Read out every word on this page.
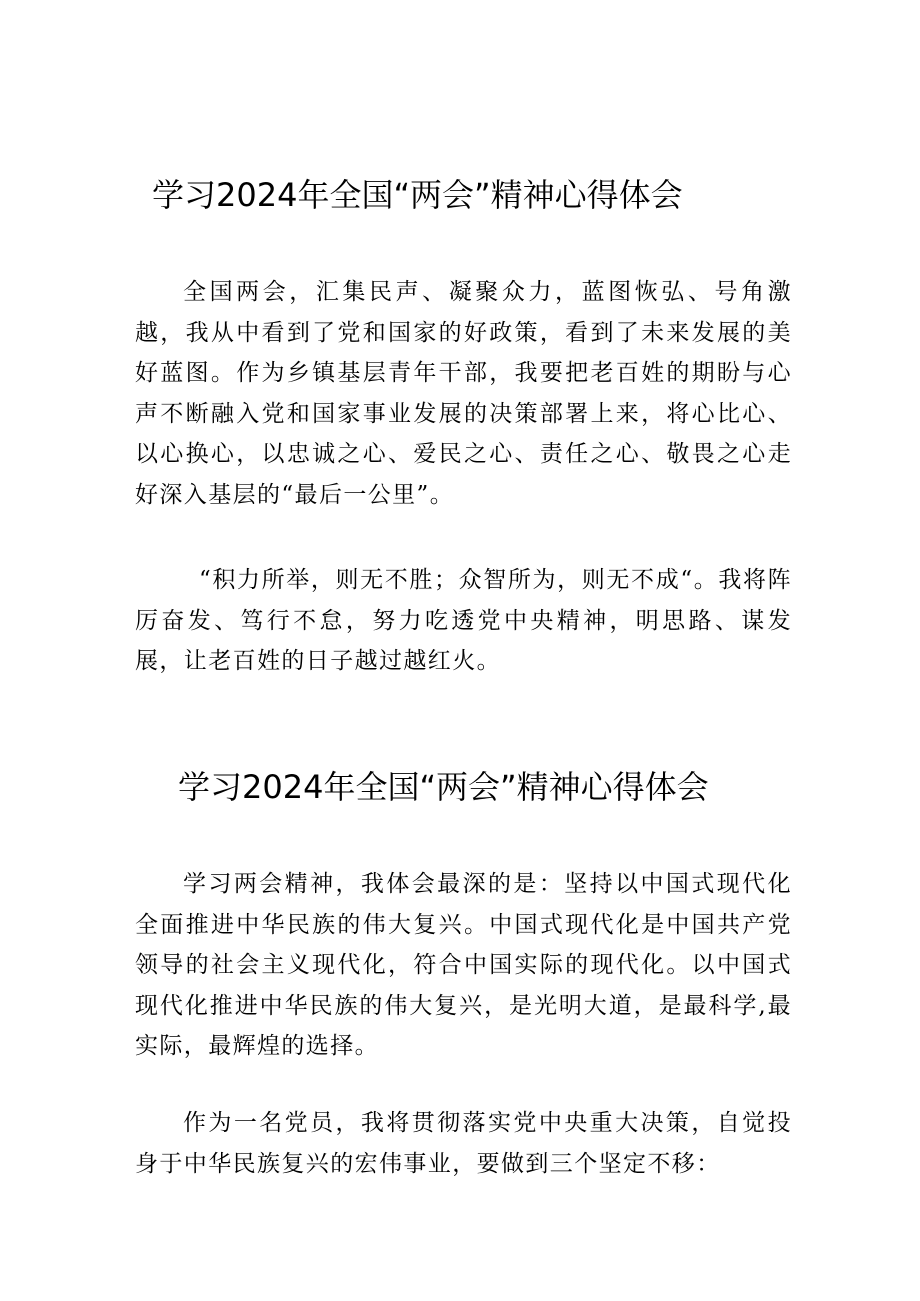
学习2024年全国“两会”精神心得体会

全国两会，汇集民声、凝聚众力，蓝图恢弘、号角激越，我从中看到了党和国家的好政策，看到了未来发展的美好蓝图。作为乡镇基层青年干部，我要把老百姓的期盼与心声不断融入党和国家事业发展的决策部署上来，将心比心、以心换心，以忠诚之心、爱民之心、责任之心、敬畏之心走好深入基层的“最后一公里”。

“积力所举，则无不胜；众智所为，则无不成“。我将阵厉奋发、笃行不怠，努力吃透党中央精神，明思路、谋发展，让老百姓的日子越过越红火。

学习2024年全国“两会”精神心得体会

学习两会精神，我体会最深的是：坚持以中国式现代化全面推进中华民族的伟大复兴。中国式现代化是中国共产党领导的社会主义现代化，符合中国实际的现代化。以中国式现代化推进中华民族的伟大复兴，是光明大道，是最科学,最实际，最辉煌的选择。

作为一名党员，我将贯彻落实党中央重大决策，自觉投身于中华民族复兴的宏伟事业，要做到三个坚定不移：
